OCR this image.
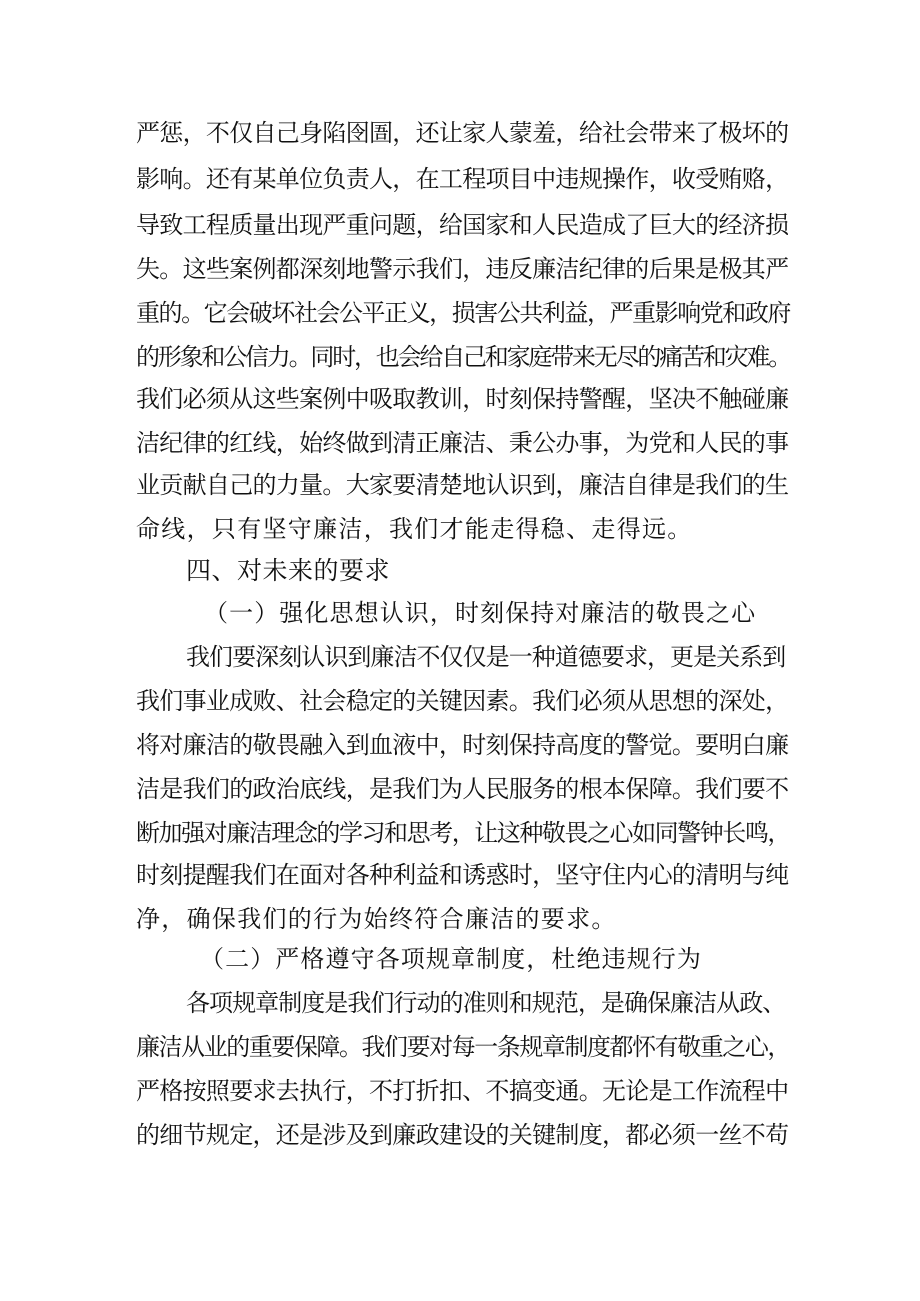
严惩，不仅自己身陷囹圄，还让家人蒙羞，给社会带来了极坏的
影响。还有某单位负责人，在工程项目中违规操作，收受贿赂，
导致工程质量出现严重问题，给国家和人民造成了巨大的经济损
失。这些案例都深刻地警示我们，违反廉洁纪律的后果是极其严
重的。它会破坏社会公平正义，损害公共利益，严重影响党和政府
的形象和公信力。同时，也会给自己和家庭带来无尽的痛苦和灾难。
我们必须从这些案例中吸取教训，时刻保持警醒，坚决不触碰廉
洁纪律的红线，始终做到清正廉洁、秉公办事，为党和人民的事
业贡献自己的力量。大家要清楚地认识到，廉洁自律是我们的生
命线，只有坚守廉洁，我们才能走得稳、走得远。
四、对未来的要求
（一）强化思想认识，时刻保持对廉洁的敬畏之心
我们要深刻认识到廉洁不仅仅是一种道德要求，更是关系到
我们事业成败、社会稳定的关键因素。我们必须从思想的深处，
将对廉洁的敬畏融入到血液中，时刻保持高度的警觉。要明白廉
洁是我们的政治底线，是我们为人民服务的根本保障。我们要不
断加强对廉洁理念的学习和思考，让这种敬畏之心如同警钟长鸣，
时刻提醒我们在面对各种利益和诱惑时，坚守住内心的清明与纯
净，确保我们的行为始终符合廉洁的要求。
（二）严格遵守各项规章制度，杜绝违规行为
各项规章制度是我们行动的准则和规范，是确保廉洁从政、
廉洁从业的重要保障。我们要对每一条规章制度都怀有敬重之心，
严格按照要求去执行，不打折扣、不搞变通。无论是工作流程中
的细节规定，还是涉及到廉政建设的关键制度，都必须一丝不苟
